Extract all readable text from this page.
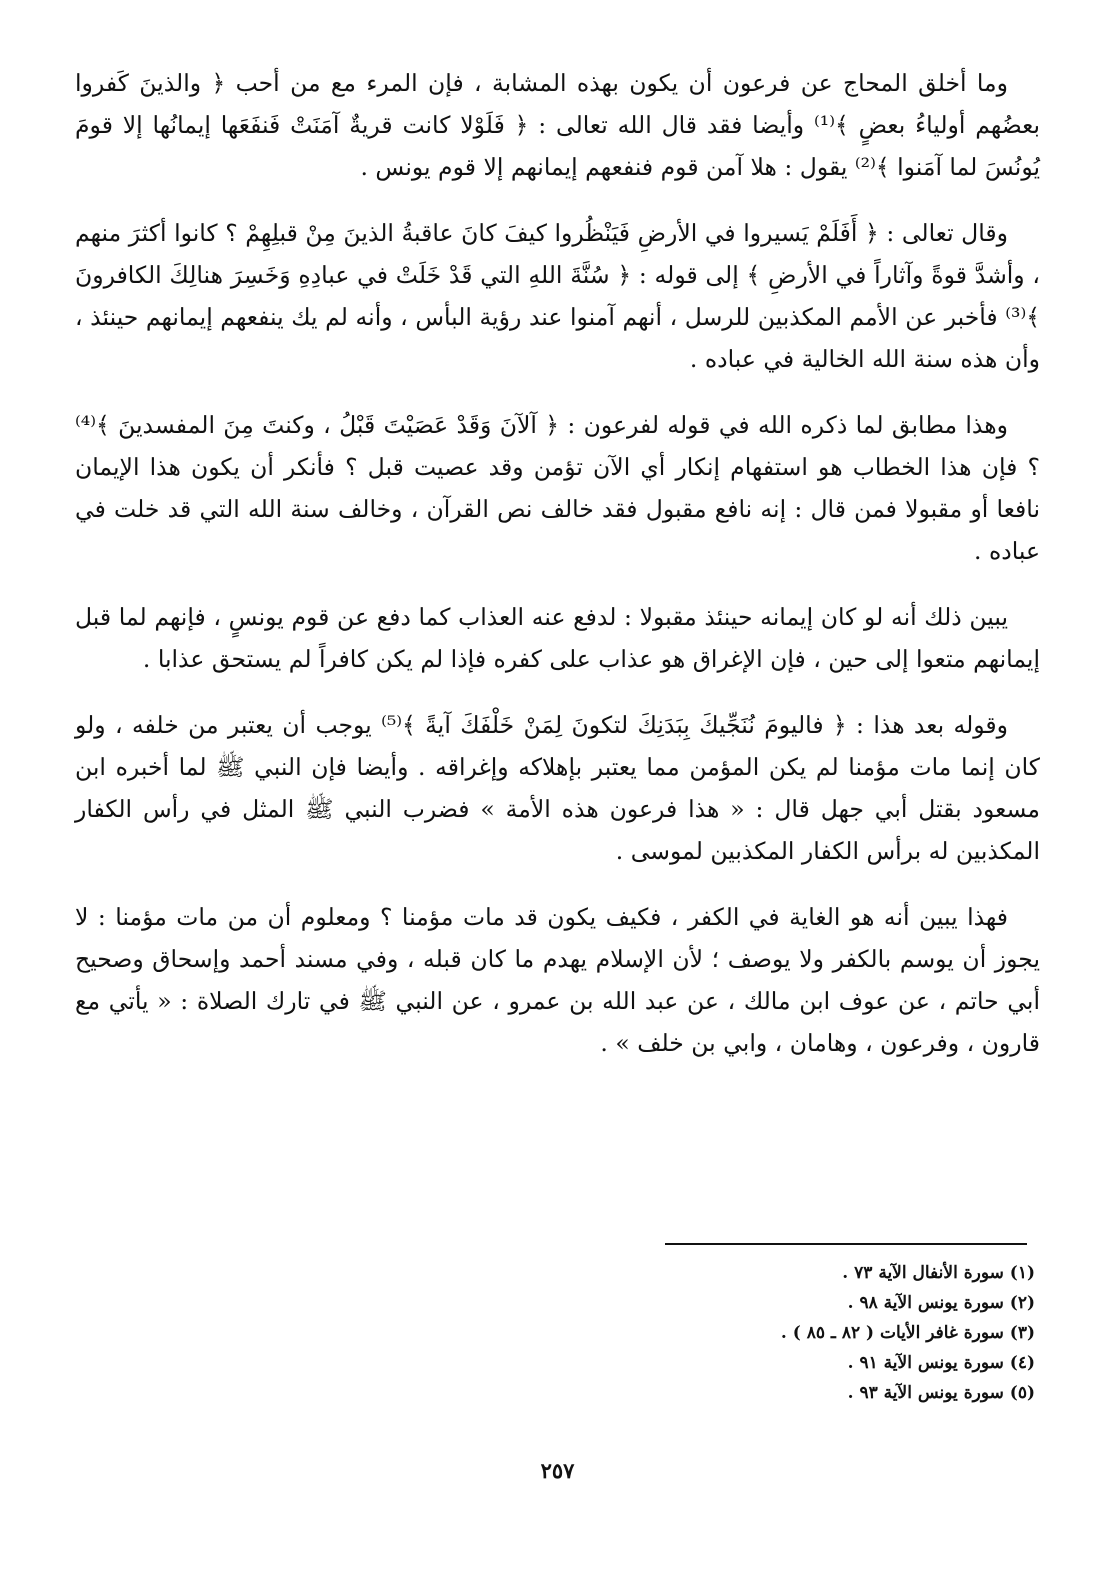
وما أخلق المحاج عن فرعون أن يكون بهذه المشابة ، فإن المرء مع من أحب ﴿ والذينَ كَفروا بعضُهم أولياءُ بعضٍ ﴾⁽¹⁾ وأيضا فقد قال الله تعالى : ﴿ فَلَوْلا كانت قريةٌ آمَنَتْ فَنفَعَها إيمانُها إلا قومَ يُونُسَ لما آمَنوا ﴾⁽²⁾ يقول : هلا آمن قوم فنفعهم إيمانهم إلا قوم يونس .

وقال تعالى : ﴿ أَفَلَمْ يَسيروا في الأرضِ فَيَنْظُروا كيفَ كانَ عاقبةُ الذينَ مِنْ قبلِهِمْ ؟ كانوا أكثرَ منهم ، وأشدَّ قوةً وآثاراً في الأرضِ ﴾ إلى قوله : ﴿ سُنَّةَ اللهِ التي قَدْ خَلَتْ في عبادِهِ وَخَسِرَ هنالِكَ الكافرونَ ﴾⁽³⁾ فأخبر عن الأمم المكذبين للرسل ، أنهم آمنوا عند رؤية البأس ، وأنه لم يك ينفعهم إيمانهم حينئذ ، وأن هذه سنة الله الخالية في عباده .

وهذا مطابق لما ذكره الله في قوله لفرعون : ﴿ آلآنَ وَقَدْ عَصَيْتَ قَبْلُ ، وكنتَ مِنَ المفسدينَ ﴾⁽⁴⁾ ؟ فإن هذا الخطاب هو استفهام إنكار أي الآن تؤمن وقد عصيت قبل ؟ فأنكر أن يكون هذا الإيمان نافعا أو مقبولا فمن قال : إنه نافع مقبول فقد خالف نص القرآن ، وخالف سنة الله التي قد خلت في عباده .

يبين ذلك أنه لو كان إيمانه حينئذ مقبولا : لدفع عنه العذاب كما دفع عن قوم يونسٍ ، فإنهم لما قبل إيمانهم متعوا إلى حين ، فإن الإغراق هو عذاب على كفره فإذا لم يكن كافراً لم يستحق عذابا .

وقوله بعد هذا : ﴿ فاليومَ نُنَجِّيكَ بِبَدَنِكَ لتكونَ لِمَنْ خَلْفَكَ آيةً ﴾⁽⁵⁾ يوجب أن يعتبر من خلفه ، ولو كان إنما مات مؤمنا لم يكن المؤمن مما يعتبر بإهلاكه وإغراقه . وأيضا فإن النبي ﷺ لما أخبره ابن مسعود بقتل أبي جهل قال : « هذا فرعون هذه الأمة » فضرب النبي ﷺ المثل في رأس الكفار المكذبين له برأس الكفار المكذبين لموسى .

فهذا يبين أنه هو الغاية في الكفر ، فكيف يكون قد مات مؤمنا ؟ ومعلوم أن من مات مؤمنا : لا يجوز أن يوسم بالكفر ولا يوصف ؛ لأن الإسلام يهدم ما كان قبله ، وفي مسند أحمد وإسحاق وصحيح أبي حاتم ، عن عوف ابن مالك ، عن عبد الله بن عمرو ، عن النبي ﷺ في تارك الصلاة : « يأتي مع قارون ، وفرعون ، وهامان ، وابي بن خلف » .

(١) سورة الأنفال الآية ٧٣ .
(٢) سورة يونس الآية ٩٨ .
(٣) سورة غافر الأيات ( ٨٢ ـ ٨٥ ) .
(٤) سورة يونس الآية ٩١ .
(٥) سورة يونس الآية ٩٣ .
٢٥٧
